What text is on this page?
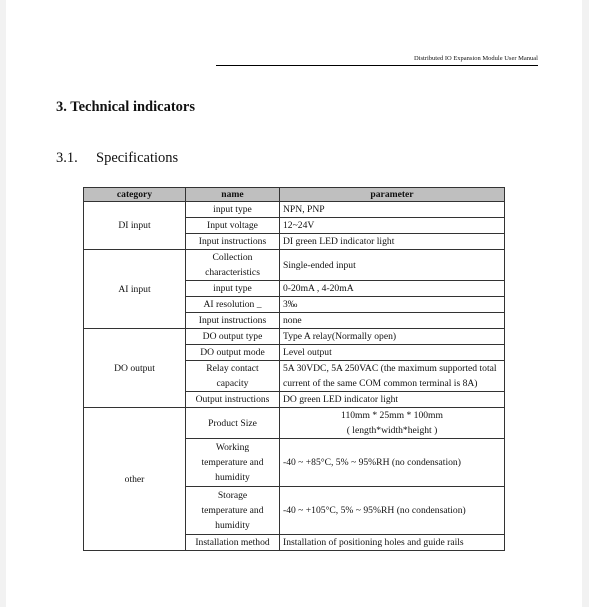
Distributed IO Expansion Module User Manual
3. Technical indicators
3.1. Specifications
category	name	parameter
DI input	input type	NPN, PNP
	Input voltage	12~24V
	Input instructions	DI green LED indicator light
AI input	Collection characteristics	Single-ended input
	input type	0-20mA , 4-20mA
	AI resolution _	3‰
	Input instructions	none
DO output	DO output type	Type A relay(Normally open)
	DO output mode	Level output
	Relay contact capacity	5A 30VDC, 5A 250VAC (the maximum supported total current of the same COM common terminal is 8A)
	Output instructions	DO green LED indicator light
other	Product Size	110mm * 25mm * 100mm
( length*width*height )

	Working temperature and humidity	-40 ~ +85°C, 5% ~ 95%RH (no condensation)
	Storage temperature and humidity	-40 ~ +105°C, 5% ~ 95%RH (no condensation)
	Installation method	Installation of positioning holes and guide rails
